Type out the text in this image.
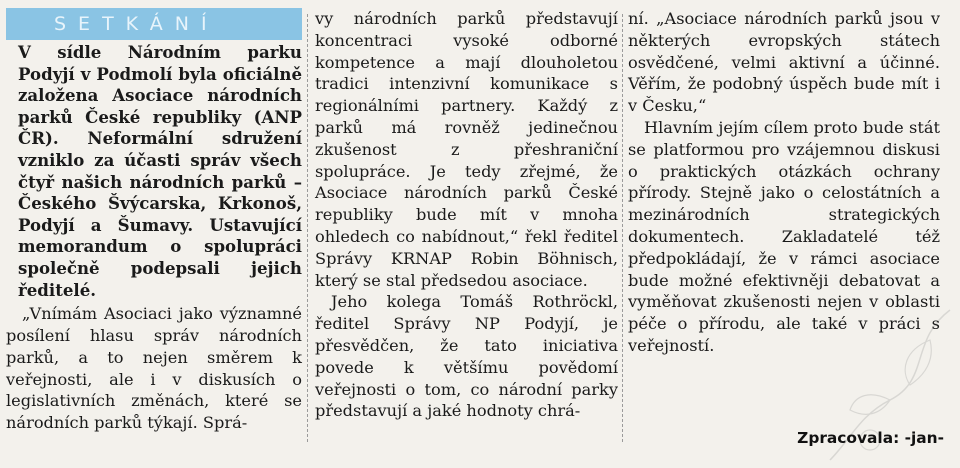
SETKÁNÍ

V sídle Národním parku Podyjí v Podmolí byla oficiálně založena Asociace národních parků České republiky (ANP ČR). Neformální sdružení vzniklo za účasti správ všech čtyř našich národních parků – Českého Švýcarska, Krkonoš, Podyjí a Šumavy. Ustavující memorandum o spolupráci společně podepsali jejich ředitelé.

„Vnímám Asociaci jako významné posílení hlasu správ národních parků, a to nejen směrem k veřejnosti, ale i v diskusích o legislativních změnách, které se národních parků týkají. Sprá-

vy národních parků představují koncentraci vysoké odborné kompetence a mají dlouholetou tradici intenzivní komunikace s regionálními partnery. Každý z parků má rovněž jedinečnou zkušenost z přeshraniční spolupráce. Je tedy zřejmé, že Asociace národních parků České republiky bude mít v mnoha ohledech co nabídnout,“ řekl ředitel Správy KRNAP Robin Böhnisch, který se stal předsedou asociace.

Jeho kolega Tomáš Rothröckl, ředitel Správy NP Podyjí, je přesvědčen, že tato iniciativa povede k většímu povědomí veřejnosti o tom, co národní parky představují a jaké hodnoty chrá-

ní. „Asociace národních parků jsou v některých evropských státech osvědčené, velmi aktivní a účinné. Věřím, že podobný úspěch bude mít i v Česku,“

Hlavním jejím cílem proto bude stát se platformou pro vzájemnou diskusi o praktických otázkách ochrany přírody. Stejně jako o celostátních a mezinárodních strategických dokumentech. Zakladatelé též předpokládají, že v rámci asociace bude možné efektivněji debatovat a vyměňovat zkušenosti nejen v oblasti péče o přírodu, ale také v práci s veřejností.

Zpracovala: -jan-
